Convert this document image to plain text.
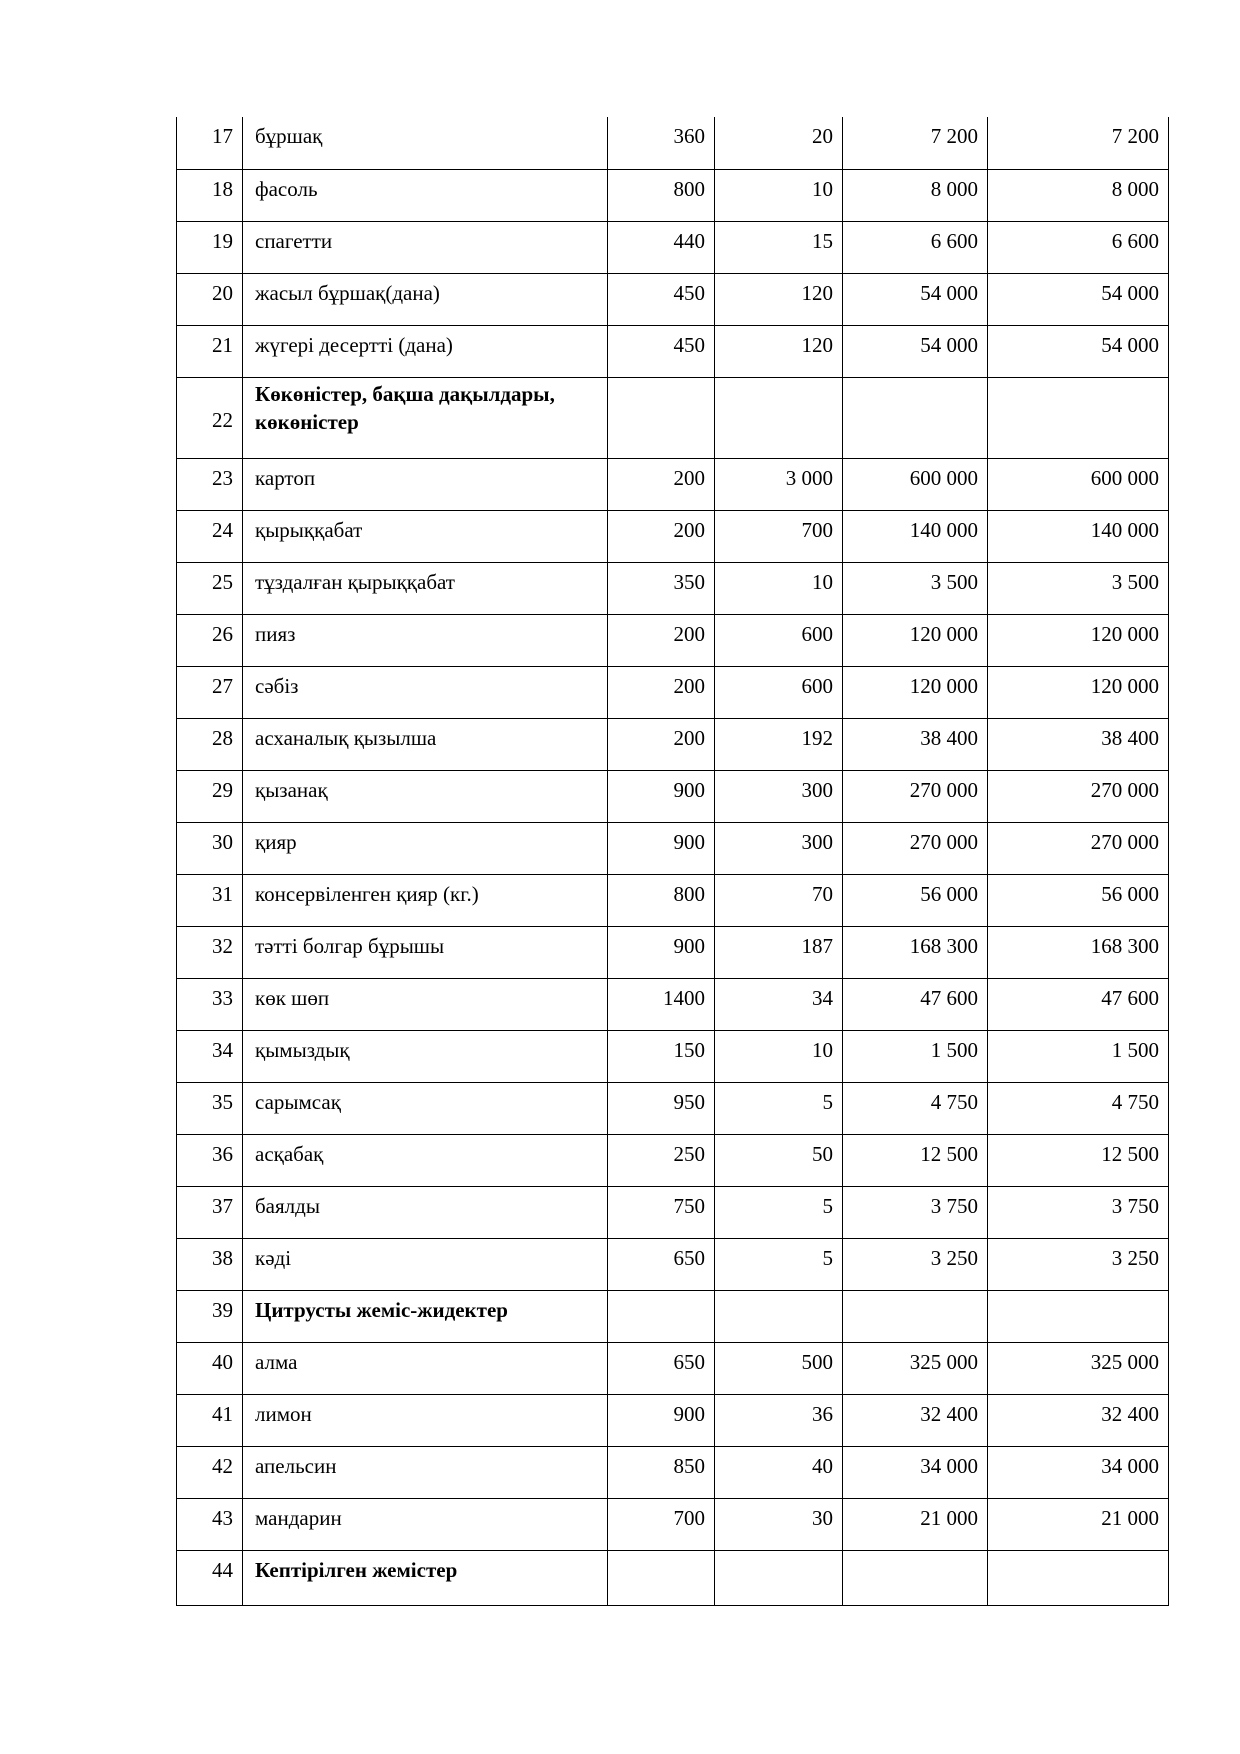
17	бұршақ	360	20	7 200	7 200
18	фасоль	800	10	8 000	8 000
19	спагетти	440	15	6 600	6 600
20	жасыл бұршақ(дана)	450	120	54 000	54 000
21	жүгері десертті (дана)	450	120	54 000	54 000
22	Көкөністер, бақша дақылдары, көкөністер				
23	картоп	200	3 000	600 000	600 000
24	қырыққабат	200	700	140 000	140 000
25	тұздалған қырыққабат	350	10	3 500	3 500
26	пияз	200	600	120 000	120 000
27	сәбіз	200	600	120 000	120 000
28	асханалық қызылша	200	192	38 400	38 400
29	қызанақ	900	300	270 000	270 000
30	қияр	900	300	270 000	270 000
31	консервіленген қияр (кг.)	800	70	56 000	56 000
32	тәтті болгар бұрышы	900	187	168 300	168 300
33	көк шөп	1400	34	47 600	47 600
34	қымыздық	150	10	1 500	1 500
35	сарымсақ	950	5	4 750	4 750
36	асқабақ	250	50	12 500	12 500
37	баялды	750	5	3 750	3 750
38	кәді	650	5	3 250	3 250
39	Цитрусты жеміс-жидектер				
40	алма	650	500	325 000	325 000
41	лимон	900	36	32 400	32 400
42	апельсин	850	40	34 000	34 000
43	мандарин	700	30	21 000	21 000
44	Кептірілген жемістер				
